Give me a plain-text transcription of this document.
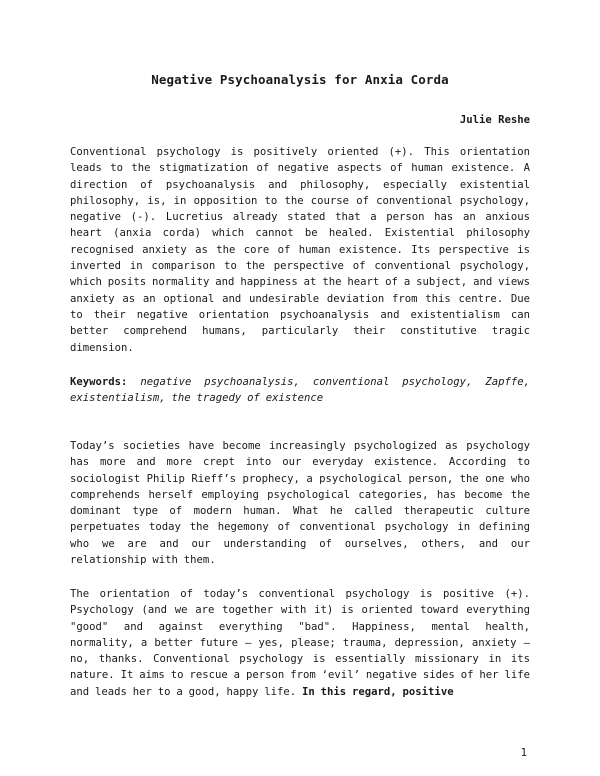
Negative Psychoanalysis for Anxia Corda
Julie Reshe

Conventional psychology is positively oriented (+). This orientation leads to the stigmatization of negative aspects of human existence. A direction of psychoanalysis and philosophy, especially existential philosophy, is, in opposition to the course of conventional psychology, negative (-). Lucretius already stated that a person has an anxious heart (anxia corda) which cannot be healed. Existential philosophy recognised anxiety as the core of human existence. Its perspective is inverted in comparison to the perspective of conventional psychology, which posits normality and happiness at the heart of a subject, and views anxiety as an optional and undesirable deviation from this centre. Due to their negative orientation psychoanalysis and existentialism can better comprehend humans, particularly their constitutive tragic dimension.

Keywords: negative psychoanalysis, conventional psychology, Zapffe, existentialism, the tragedy of existence

Today’s societies have become increasingly psychologized as psychology has more and more crept into our everyday existence. According to sociologist Philip Rieff’s prophecy, a psychological person, the one who comprehends herself employing psychological categories, has become the dominant type of modern human. What he called therapeutic culture perpetuates today the hegemony of conventional psychology in defining who we are and our understanding of ourselves, others, and our relationship with them.

The orientation of today’s conventional psychology is positive (+). Psychology (and we are together with it) is oriented toward everything "good" and against everything "bad". Happiness, mental health, normality, a better future – yes, please; trauma, depression, anxiety – no, thanks. Conventional psychology is essentially missionary in its nature. It aims to rescue a person from ‘evil’ negative sides of her life and leads her to a good, happy life. In this regard, positive

1
